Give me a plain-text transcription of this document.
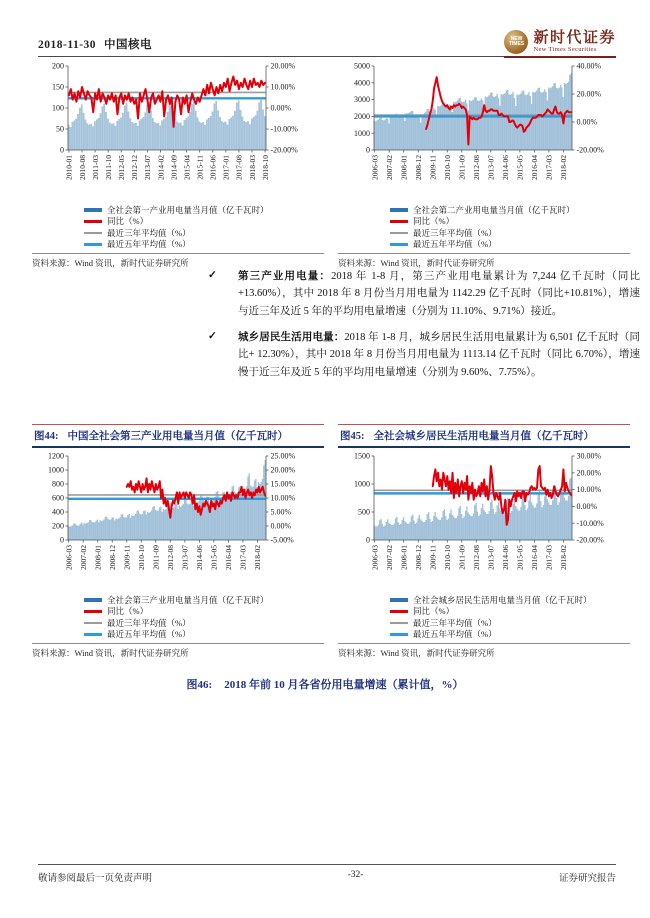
2018-11-30 中国核电
NEW TIMES 新时代证券
New Times Securities
0
50
100
150
200
-20.00%
-10.00%
0.00%
10.00%
20.00%
2010-01 2010-08 2011-03 2011-10 2012-05 2012-12 2013-07 2014-02 2014-09 2015-04 2015-11 2016-06 2017-01 2017-08 2018-03 2018-10
全社会第一产业用电量当月值（亿千瓦时）
同比（%）
最近三年平均值（%）
最近五年平均值（%）
资料来源：Wind 资讯，新时代证券研究所
0
1000
2000
3000
4000
5000
-20.00%
0.00%
20.00%
40.00%
2006-03 2007-02 2008-01 2008-12 2009-11 2010-10 2011-09 2012-08 2013-07 2014-06 2015-05 2016-04 2017-03 2018-02
全社会第二产业用电量当月值（亿千瓦时）
同比（%）
最近三年平均值（%）
最近五年平均值（%）
资料来源：Wind 资讯，新时代证券研究所
✓	第三产业用电量：2018 年 1-8 月，第三产业用电量累计为 7,244 亿千瓦时（同比+13.60%），其中 2018 年 8 月份当月用电量为 1142.29 亿千瓦时（同比+10.81%），增速与近三年及近 5 年的平均用电量增速（分别为 11.10%、9.71%）接近。
✓	城乡居民生活用电量：2018 年 1-8 月，城乡居民生活用电量累计为 6,501 亿千瓦时（同比+ 12.30%），其中 2018 年 8 月份当月用电量为 1113.14 亿千瓦时（同比 6.70%），增速慢于近三年及近 5 年的平均用电量增速（分别为 9.60%、7.75%）。
图44: 中国全社会第三产业用电量当月值（亿千瓦时）	图45: 全社会城乡居民生活用电量当月值（亿千瓦时）
0
200
400
600
800
1000
1200
-5.00%
0.00%
5.00%
10.00%
15.00%
20.00%
25.00%
2006-03 2007-02 2008-01 2008-12 2009-11 2010-10 2011-09 2012-08 2013-07 2014-06 2015-05 2016-04 2017-03 2018-02
全社会第三产业用电量当月值（亿千瓦时）
同比（%）
最近三年平均值（%）
最近五年平均值（%）
资料来源：Wind 资讯，新时代证券研究所
0
500
1000
1500
-20.00%
-10.00%
0.00%
10.00%
20.00%
30.00%
2006-03 2007-02 2008-01 2008-12 2009-11 2010-10 2011-09 2012-08 2013-07 2014-06 2015-05 2016-04 2017-03 2018-02
全社会城乡居民生活用电量当月值（亿千瓦时）
同比（%）
最近三年平均值（%）
最近五年平均值（%）
资料来源：Wind 资讯，新时代证券研究所
图46: 2018 年前 10 月各省份用电量增速（累计值，%）
敬请参阅最后一页免责声明	-32-	证券研究报告
